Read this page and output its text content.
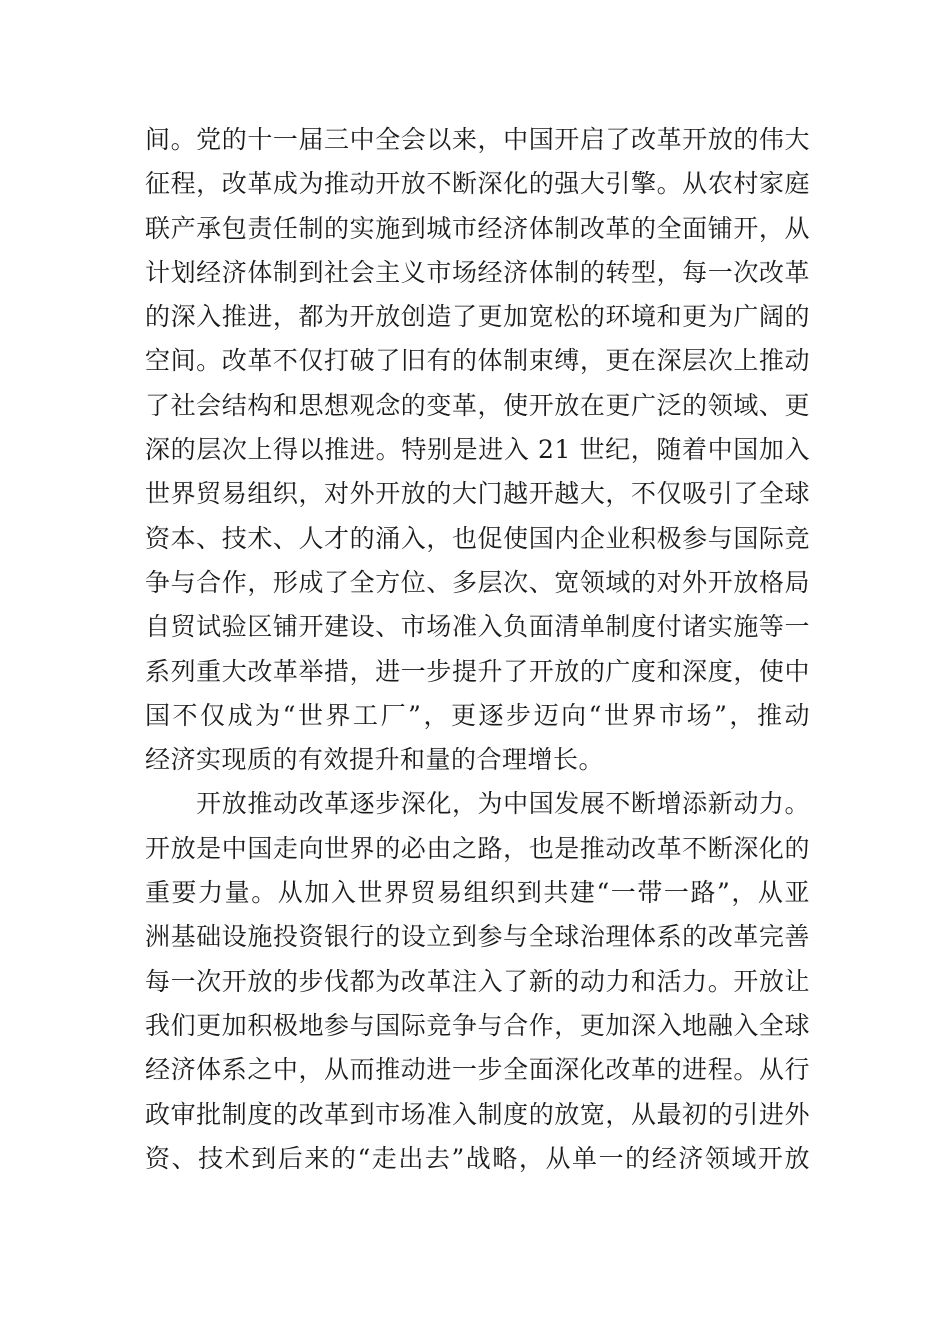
间。党的十一届三中全会以来，中国开启了改革开放的伟大
征程，改革成为推动开放不断深化的强大引擎。从农村家庭
联产承包责任制的实施到城市经济体制改革的全面铺开，从
计划经济体制到社会主义市场经济体制的转型，每一次改革
的深入推进，都为开放创造了更加宽松的环境和更为广阔的
空间。改革不仅打破了旧有的体制束缚，更在深层次上推动
了社会结构和思想观念的变革，使开放在更广泛的领域、更
深的层次上得以推进。特别是进入 21 世纪，随着中国加入
世界贸易组织，对外开放的大门越开越大，不仅吸引了全球
资本、技术、人才的涌入，也促使国内企业积极参与国际竞
争与合作，形成了全方位、多层次、宽领域的对外开放格局
自贸试验区铺开建设、市场准入负面清单制度付诸实施等一
系列重大改革举措，进一步提升了开放的广度和深度，使中
国不仅成为“世界工厂”，更逐步迈向“世界市场”，推动
经济实现质的有效提升和量的合理增长。
　　开放推动改革逐步深化，为中国发展不断增添新动力。
开放是中国走向世界的必由之路，也是推动改革不断深化的
重要力量。从加入世界贸易组织到共建“一带一路”，从亚
洲基础设施投资银行的设立到参与全球治理体系的改革完善
每一次开放的步伐都为改革注入了新的动力和活力。开放让
我们更加积极地参与国际竞争与合作，更加深入地融入全球
经济体系之中，从而推动进一步全面深化改革的进程。从行
政审批制度的改革到市场准入制度的放宽，从最初的引进外
资、技术到后来的“走出去”战略，从单一的经济领域开放
